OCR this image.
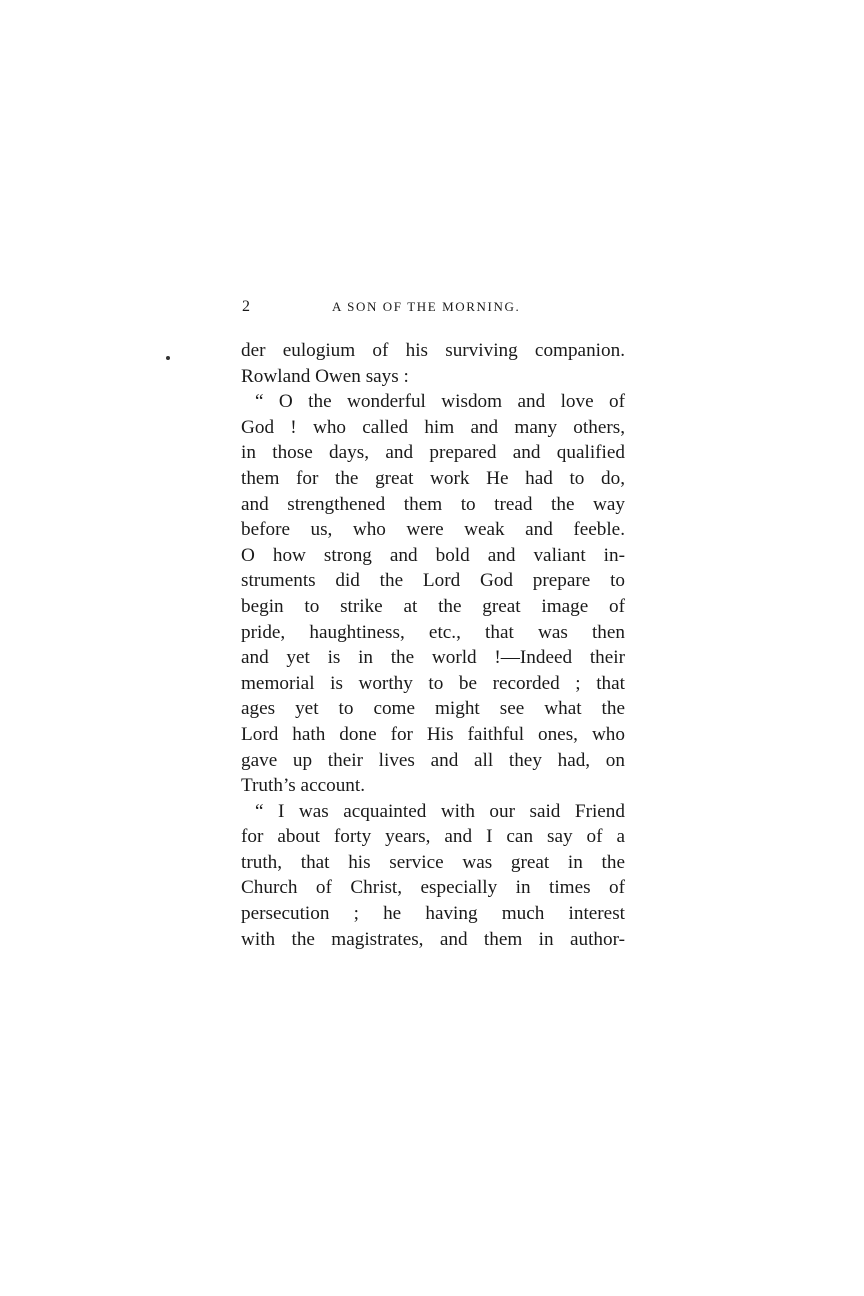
2	A SON OF THE MORNING.
der eulogium of his surviving companion.
Rowland Owen says :
“ O the wonderful wisdom and love of
God ! who called him and many others,
in those days, and prepared and qualified
them for the great work He had to do,
and strengthened them to tread the way
before us, who were weak and feeble.
O how strong and bold and valiant in-
struments did the Lord God prepare to
begin to strike at the great image of
pride, haughtiness, etc., that was then
and yet is in the world !—Indeed their
memorial is worthy to be recorded ; that
ages yet to come might see what the
Lord hath done for His faithful ones, who
gave up their lives and all they had, on
Truth’s account.
“ I was acquainted with our said Friend
for about forty years, and I can say of a
truth, that his service was great in the
Church of Christ, especially in times of
persecution ; he having much interest
with the magistrates, and them in author-
